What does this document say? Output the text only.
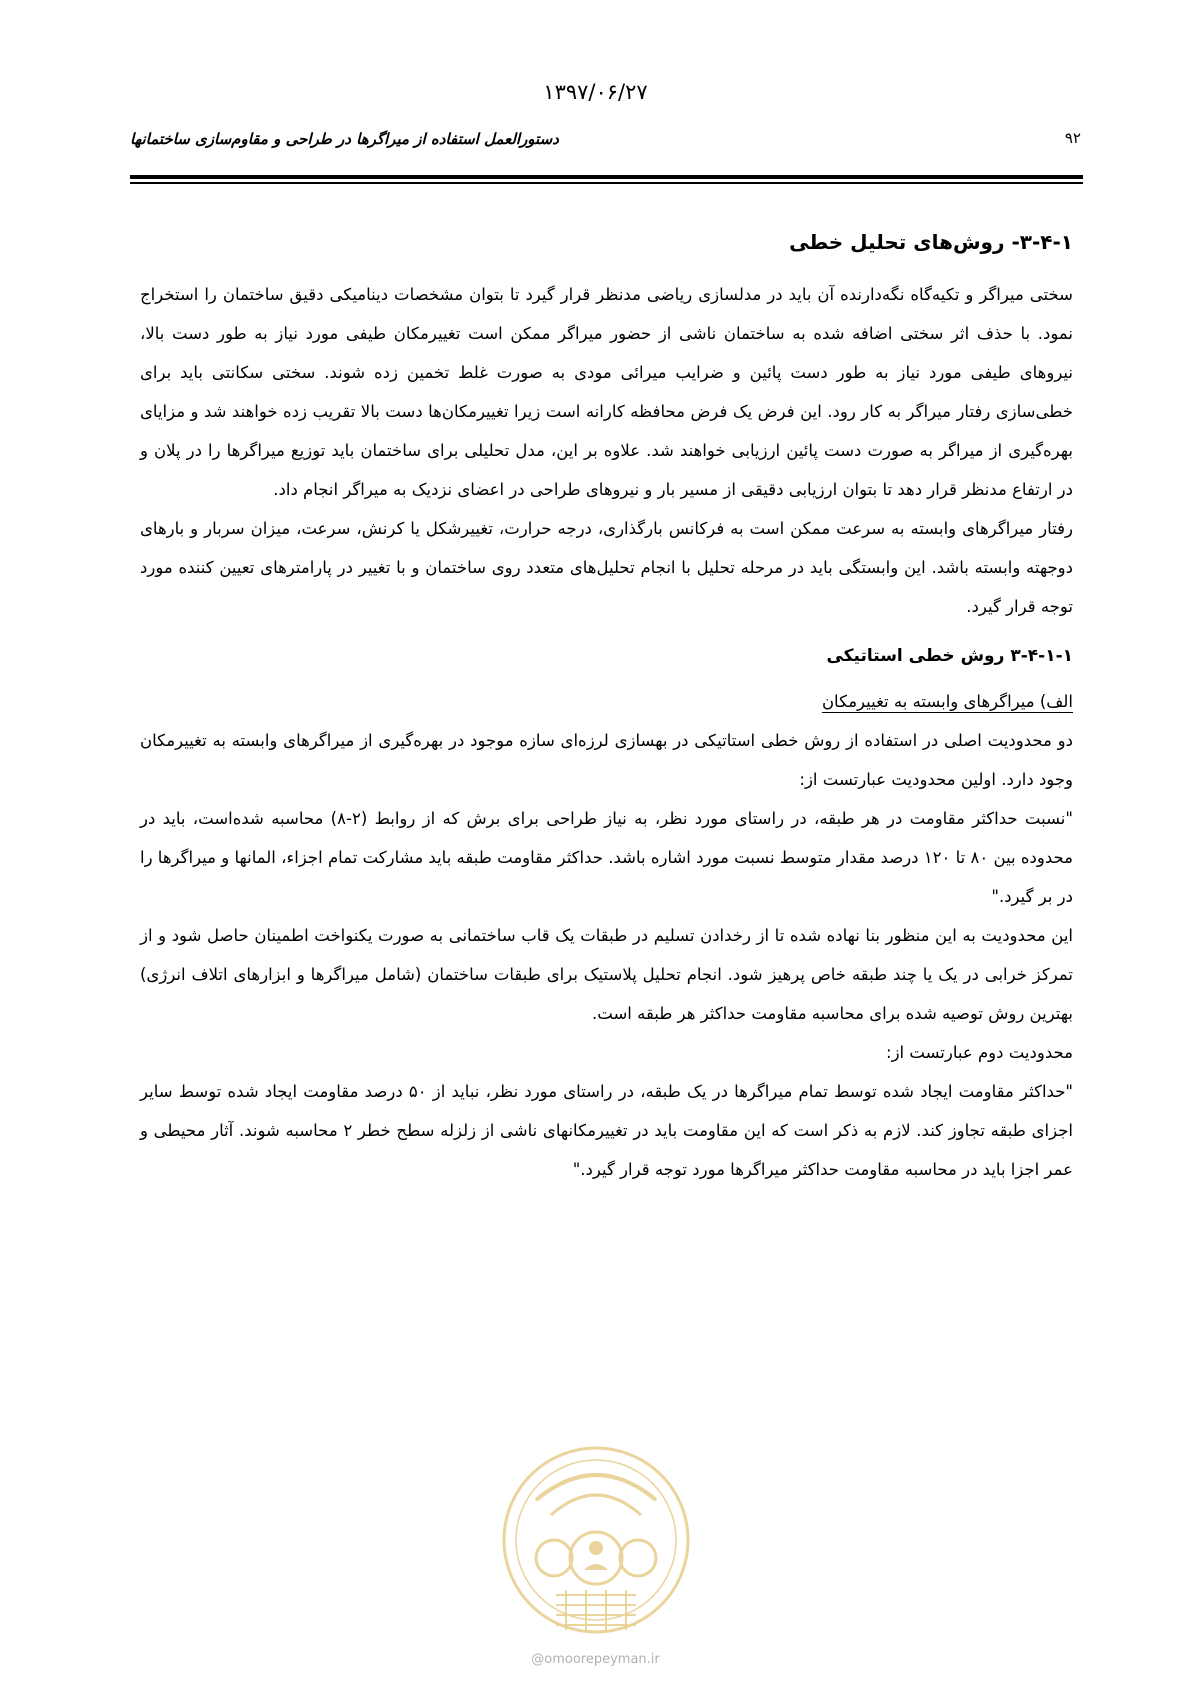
۱۳۹۷/۰۶/۲۷
دستورالعمل استفاده از میراگرها در طراحی و مقاوم‌سازی ساختمانها	۹۲
۳-۴-۱- روش‌های تحلیل خطی

سختی میراگر و تکیه‌گاه نگه‌دارنده آن باید در مدلسازی ریاضی مدنظر قرار گیرد تا بتوان مشخصات دینامیکی دقیق ساختمان را استخراج نمود. با حذف اثر سختی اضافه شده به ساختمان ناشی از حضور میراگر ممکن است تغییرمکان طیفی مورد نیاز به طور دست بالا، نیروهای طیفی مورد نیاز به طور دست پائین و ضرایب میرائی مودی به صورت غلط تخمین زده شوند. سختی سکانتی باید برای خطی‌سازی رفتار میراگر به کار رود. این فرض یک فرض محافظه کارانه است زیرا تغییرمکان‌ها دست بالا تقریب زده خواهند شد و مزایای بهره‌گیری از میراگر به صورت دست پائین ارزیابی خواهند شد. علاوه بر این، مدل تحلیلی برای ساختمان باید توزیع میراگرها را در پلان و در ارتفاع مدنظر قرار دهد تا بتوان ارزیابی دقیقی از مسیر بار و نیروهای طراحی در اعضای نزدیک به میراگر انجام داد.

رفتار میراگرهای وابسته به سرعت ممکن است به فرکانس بارگذاری، درجه حرارت، تغییرشکل یا کرنش، سرعت، میزان سربار و بارهای دوجهته وابسته باشد. این وابستگی باید در مرحله تحلیل با انجام تحلیل‌های متعدد روی ساختمان و با تغییر در پارامترهای تعیین کننده مورد توجه قرار گیرد.

۳-۴-۱-۱ روش خطی استاتیکی

الف) میراگرهای وابسته به تغییرمکان

دو محدودیت اصلی در استفاده از روش خطی استاتیکی در بهسازی لرزه‌ای سازه موجود در بهره‌گیری از میراگرهای وابسته به تغییرمکان وجود دارد. اولین محدودیت عبارتست از:

"نسبت حداکثر مقاومت در هر طبقه، در راستای مورد نظر، به نیاز طراحی برای برش که از روابط (۲-۸) محاسبه شده‌است، باید در محدوده بین ۸۰ تا ۱۲۰ درصد مقدار متوسط نسبت مورد اشاره باشد. حداکثر مقاومت طبقه باید مشارکت تمام اجزاء، المانها و میراگرها را در بر گیرد."

این محدودیت به این منظور بنا نهاده شده تا از رخدادن تسلیم در طبقات یک قاب ساختمانی به صورت یکنواخت اطمینان حاصل شود و از تمرکز خرابی در یک یا چند طبقه خاص پرهیز شود. انجام تحلیل پلاستیک برای طبقات ساختمان (شامل میراگرها و ابزارهای اتلاف انرژی) بهترین روش توصیه شده برای محاسبه مقاومت حداکثر هر طبقه است.

محدودیت دوم عبارتست از:

"حداکثر مقاومت ایجاد شده توسط تمام میراگرها در یک طبقه، در راستای مورد نظر، نباید از ۵۰ درصد مقاومت ایجاد شده توسط سایر اجزای طبقه تجاوز کند. لازم به ذکر است که این مقاومت باید در تغییرمکانهای ناشی از زلزله سطح خطر ۲ محاسبه شوند. آثار محیطی و عمر اجزا باید در محاسبه مقاومت حداکثر میراگرها مورد توجه قرار گیرد."

@omoorepeyman.ir
